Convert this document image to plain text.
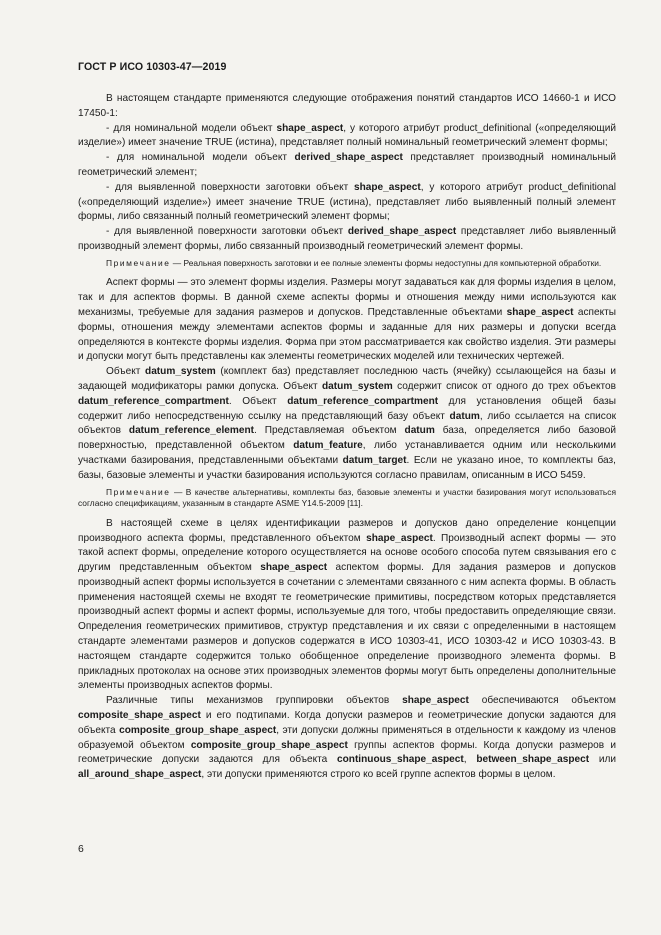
ГОСТ Р ИСО 10303-47—2019

В настоящем стандарте применяются следующие отображения понятий стандартов ИСО 14660-1 и ИСО 17450-1:

- для номинальной модели объект shape_aspect, у которого атрибут product_definitional («определяющий изделие») имеет значение TRUE (истина), представляет полный номинальный геометрический элемент формы;

- для номинальной модели объект derived_shape_aspect представляет производный номинальный геометрический элемент;

- для выявленной поверхности заготовки объект shape_aspect, у которого атрибут product_definitional («определяющий изделие») имеет значение TRUE (истина), представляет либо выявленный полный элемент формы, либо связанный полный геометрический элемент формы;

- для выявленной поверхности заготовки объект derived_shape_aspect представляет либо выявленный производный элемент формы, либо связанный производный геометрический элемент формы.

Примечание — Реальная поверхность заготовки и ее полные элементы формы недоступны для компьютерной обработки.

Аспект формы — это элемент формы изделия. Размеры могут задаваться как для формы изделия в целом, так и для аспектов формы. В данной схеме аспекты формы и отношения между ними используются как механизмы, требуемые для задания размеров и допусков. Представленные объектами shape_aspect аспекты формы, отношения между элементами аспектов формы и заданные для них размеры и допуски всегда определяются в контексте формы изделия. Форма при этом рассматривается как свойство изделия. Эти размеры и допуски могут быть представлены как элементы геометрических моделей или технических чертежей.

Объект datum_system (комплект баз) представляет последнюю часть (ячейку) ссылающейся на базы и задающей модификаторы рамки допуска. Объект datum_system содержит список от одного до трех объектов datum_reference_compartment. Объект datum_reference_compartment для установления общей базы содержит либо непосредственную ссылку на представляющий базу объект datum, либо ссылается на список объектов datum_reference_element. Представляемая объектом datum база, определяется либо базовой поверхностью, представленной объектом datum_feature, либо устанавливается одним или несколькими участками базирования, представленными объектами datum_target. Если не указано иное, то комплекты баз, базы, базовые элементы и участки базирования используются согласно правилам, описанным в ИСО 5459.

Примечание — В качестве альтернативы, комплекты баз, базовые элементы и участки базирования могут использоваться согласно спецификациям, указанным в стандарте ASME Y14.5-2009 [11].

В настоящей схеме в целях идентификации размеров и допусков дано определение концепции производного аспекта формы, представленного объектом shape_aspect. Производный аспект формы — это такой аспект формы, определение которого осуществляется на основе особого способа путем связывания его с другим представленным объектом shape_aspect аспектом формы. Для задания размеров и допусков производный аспект формы используется в сочетании с элементами связанного с ним аспекта формы. В область применения настоящей схемы не входят те геометрические примитивы, посредством которых представляется производный аспект формы и аспект формы, используемые для того, чтобы предоставить определяющие связи. Определения геометрических примитивов, структур представления и их связи с определенными в настоящем стандарте элементами размеров и допусков содержатся в ИСО 10303-41, ИСО 10303-42 и ИСО 10303-43. В настоящем стандарте содержится только обобщенное определение производного элемента формы. В прикладных протоколах на основе этих производных элементов формы могут быть определены дополнительные элементы производных аспектов формы.

Различные типы механизмов группировки объектов shape_aspect обеспечиваются объектом composite_shape_aspect и его подтипами. Когда допуски размеров и геометрические допуски задаются для объекта composite_group_shape_aspect, эти допуски должны применяться в отдельности к каждому из членов образуемой объектом composite_group_shape_aspect группы аспектов формы. Когда допуски размеров и геометрические допуски задаются для объекта continuous_shape_aspect, between_shape_aspect или all_around_shape_aspect, эти допуски применяются строго ко всей группе аспектов формы в целом.

6
